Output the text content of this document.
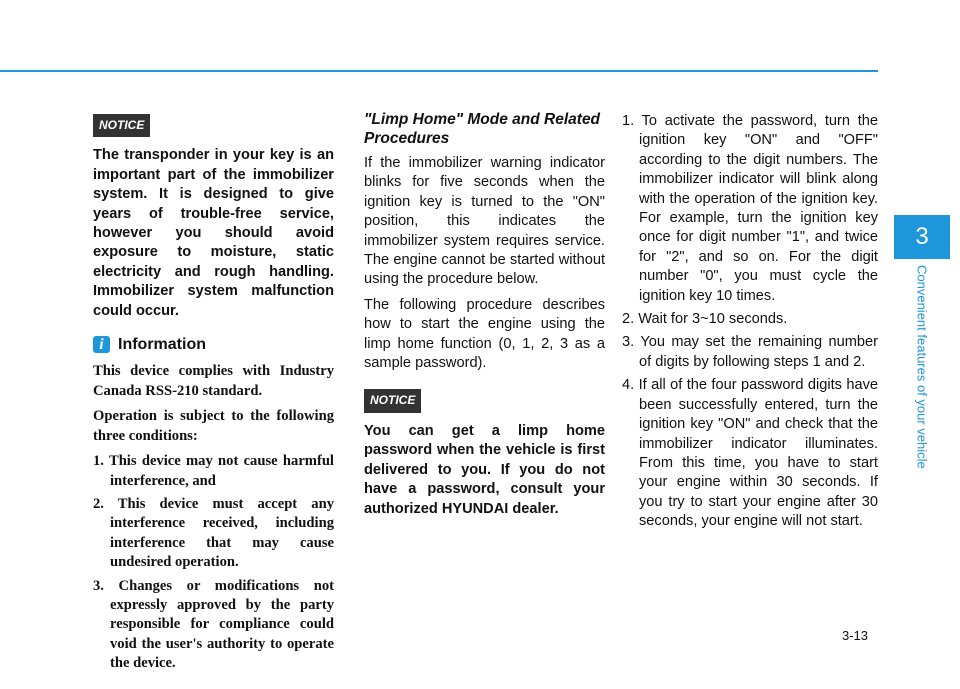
NOTICE
The transponder in your key is an important part of the immobilizer system. It is designed to give years of trouble-free service, however you should avoid exposure to moisture, static electricity and rough handling. Immobilizer system malfunction could occur.
i Information

This device complies with Industry Canada RSS-210 standard.

Operation is subject to the following three conditions:

1. This device may not cause harmful interference, and
2. This device must accept any interference received, including interference that may cause undesired operation.
3. Changes or modifications not expressly approved by the party responsible for compliance could void the user's authority to operate the device.
"Limp Home" Mode and Related Procedures

If the immobilizer warning indicator blinks for five seconds when the ignition key is turned to the "ON" position, this indicates the immobilizer system requires service. The engine cannot be started without using the procedure below.

The following procedure describes how to start the engine using the limp home function (0, 1, 2, 3 as a sample password).

NOTICE
You can get a limp home password when the vehicle is first delivered to you. If you do not have a password, consult your authorized HYUNDAI dealer.
1. To activate the password, turn the ignition key "ON" and "OFF" according to the digit numbers. The immobilizer indicator will blink along with the operation of the ignition key. For example, turn the ignition key once for digit number "1", and twice for "2", and so on. For the digit number "0", you must cycle the ignition key 10 times.
2. Wait for 3~10 seconds.
3. You may set the remaining number of digits by following steps 1 and 2.
4. If all of the four password digits have been successfully entered, turn the ignition key "ON" and check that the immobilizer indicator illuminates. From this time, you have to start your engine within 30 seconds. If you try to start your engine after 30 seconds, your engine will not start.
3
Convenient features of your vehicle
3-13
